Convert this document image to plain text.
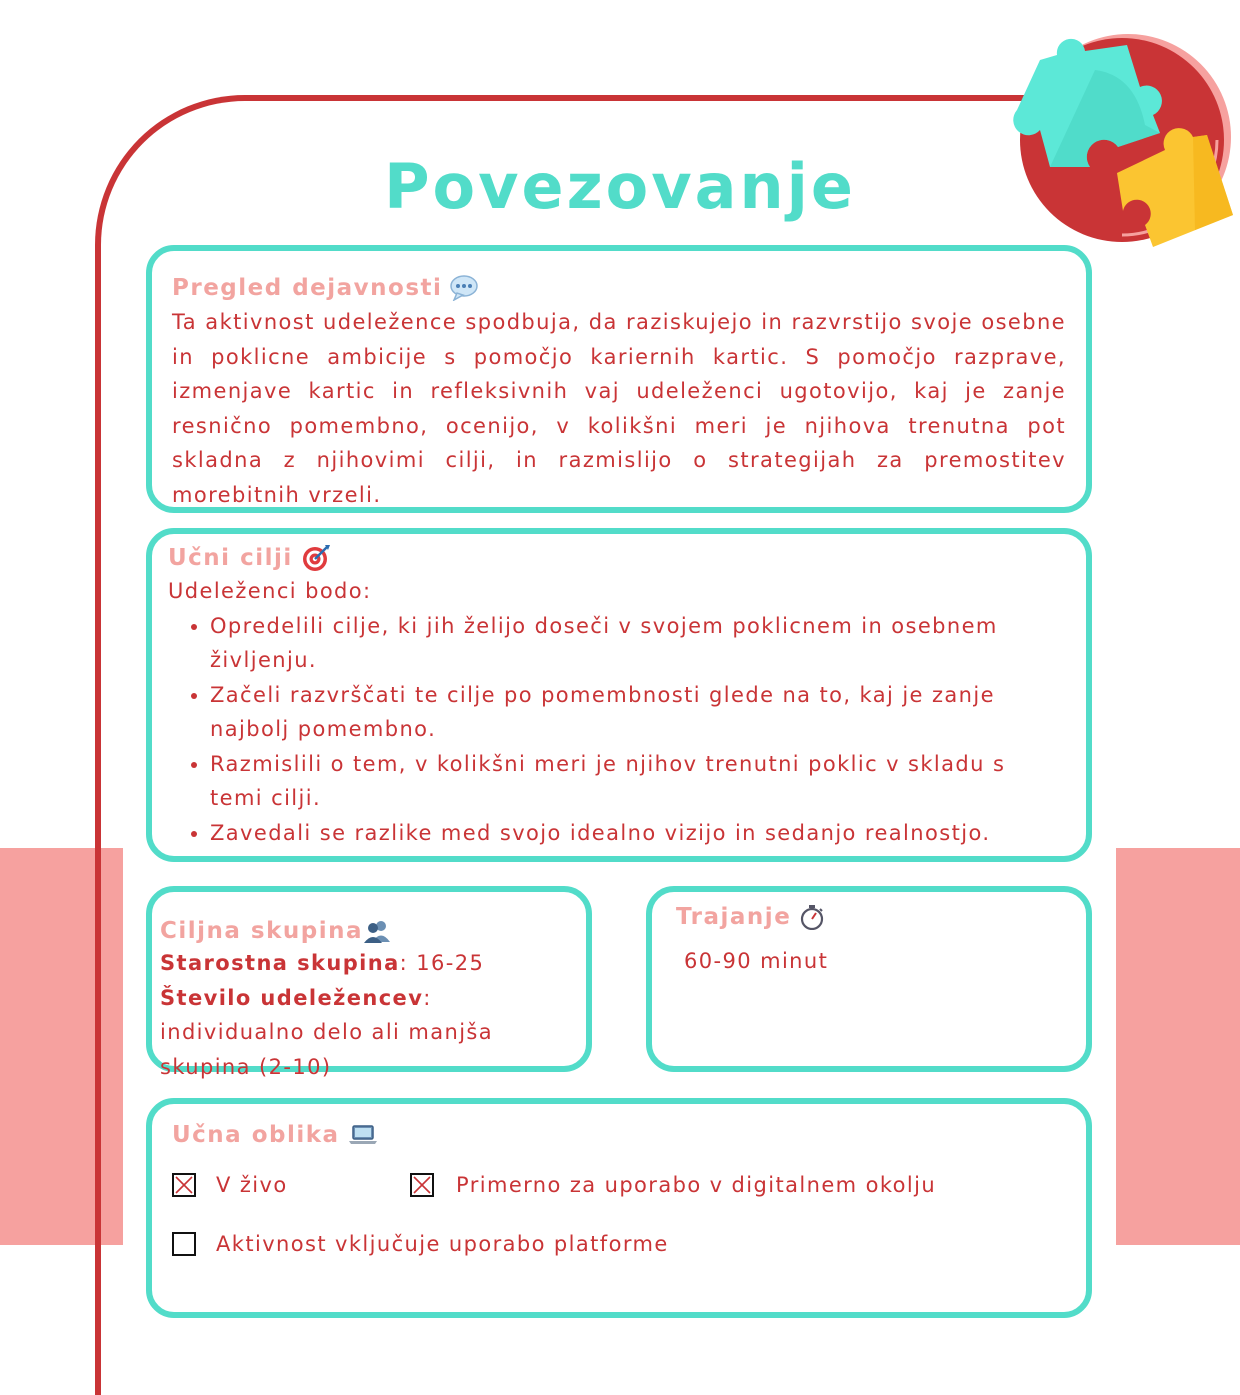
Povezovanje
Pregled dejavnosti
Ta aktivnost udeležence spodbuja, da raziskujejo in razvrstijo svoje osebne in poklicne ambicije s pomočjo kariernih kartic. S pomočjo razprave, izmenjave kartic in refleksivnih vaj udeleženci ugotovijo, kaj je zanje resnično pomembno, ocenijo, v kolikšni meri je njihova trenutna pot skladna z njihovimi cilji, in razmislijo o strategijah za premostitev morebitnih vrzeli.
Učni cilji
Udeleženci bodo:
• Opredelili cilje, ki jih želijo doseči v svojem poklicnem in osebnem življenju.
• Začeli razvrščati te cilje po pomembnosti glede na to, kaj je zanje najbolj pomembno.
• Razmislili o tem, v kolikšni meri je njihov trenutni poklic v skladu s temi cilji.
• Zavedali se razlike med svojo idealno vizijo in sedanjo realnostjo.
Ciljna skupina
Starostna skupina: 16-25
Število udeležencev: individualno delo ali manjša skupina (2-10)
Trajanje
60-90 minut
Učna oblika
V živo	Primerno za uporabo v digitalnem okolju
Aktivnost vključuje uporabo platforme
